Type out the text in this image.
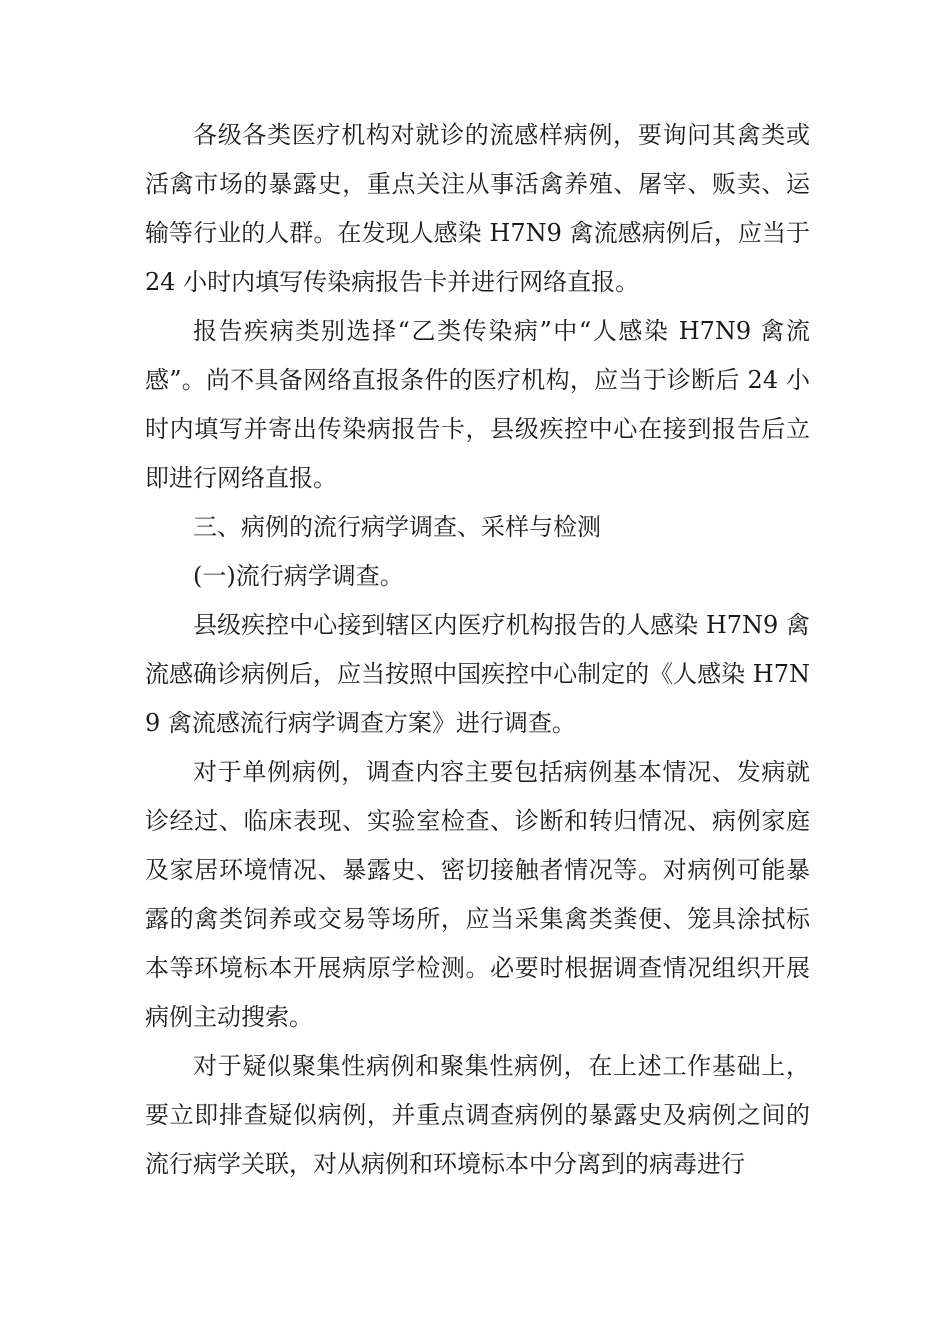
各级各类医疗机构对就诊的流感样病例，要询问其禽类或活禽市场的暴露史，重点关注从事活禽养殖、屠宰、贩卖、运输等行业的人群。在发现人感染 H7N9 禽流感病例后，应当于 24 小时内填写传染病报告卡并进行网络直报。

报告疾病类别选择“乙类传染病”中“人感染 H7N9 禽流感”。尚不具备网络直报条件的医疗机构，应当于诊断后 24 小时内填写并寄出传染病报告卡，县级疾控中心在接到报告后立即进行网络直报。

三、病例的流行病学调查、采样与检测

(一)流行病学调查。

县级疾控中心接到辖区内医疗机构报告的人感染 H7N9 禽流感确诊病例后，应当按照中国疾控中心制定的《人感染 H7N9 禽流感流行病学调查方案》进行调查。

对于单例病例，调查内容主要包括病例基本情况、发病就诊经过、临床表现、实验室检查、诊断和转归情况、病例家庭及家居环境情况、暴露史、密切接触者情况等。对病例可能暴露的禽类饲养或交易等场所，应当采集禽类粪便、笼具涂拭标本等环境标本开展病原学检测。必要时根据调查情况组织开展病例主动搜索。

对于疑似聚集性病例和聚集性病例，在上述工作基础上，要立即排查疑似病例，并重点调查病例的暴露史及病例之间的流行病学关联，对从病例和环境标本中分离到的病毒进行
